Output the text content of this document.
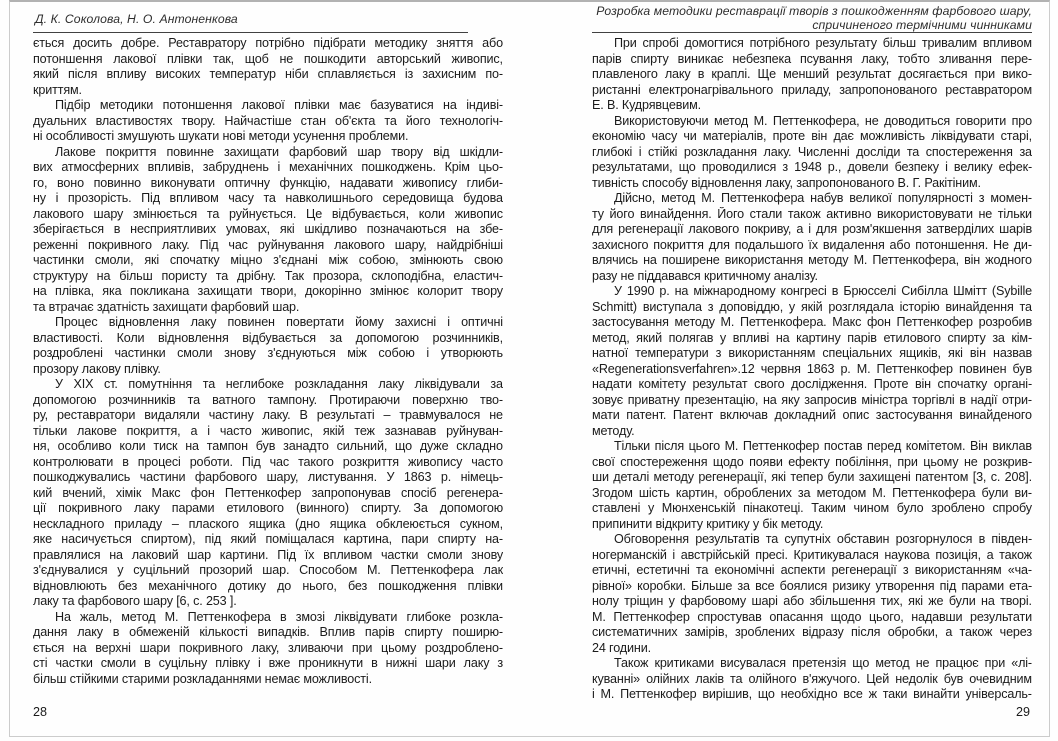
Д. К. Соколова, Н. О. Антоненкова
ється досить добре. Реставратору потрібно підібрати методику зняття або
потоншення лакової плівки так, щоб не пошкодити авторський живопис,
який після впливу високих температур ніби сплавляється із захисним по-
криттям.
Підбір методики потоншення лакової плівки має базуватися на індиві-
дуальних властивостях твору. Найчастіше стан об'єкта та його технологіч-
ні особливості змушують шукати нові методи усунення проблеми.
Лакове покриття повинне захищати фарбовий шар твору від шкідли-
вих атмосферних впливів, забруднень і механічних пошкоджень. Крім цьо-
го, воно повинно виконувати оптичну функцію, надавати живопису глиби-
ну і прозорість. Під впливом часу та навколишнього середовища будова
лакового шару змінюється та руйнується. Це відбувається, коли живопис
зберігається в несприятливих умовах, які шкідливо позначаються на збе-
реженні покривного лаку. Під час руйнування лакового шару, найдрібніші
частинки смоли, які спочатку міцно з'єднані між собою, змінюють свою
структуру на більш пористу та дрібну. Так прозора, склоподібна, еластич-
на плівка, яка покликана захищати твори, докорінно змінює колорит твору
та втрачає здатність захищати фарбовий шар.
Процес відновлення лаку повинен повертати йому захисні і оптичні
властивості. Коли відновлення відбувається за допомогою розчинників,
роздроблені частинки смоли знову з'єднуються між собою і утворюють
прозору лакову плівку.
У XIX ст. помутніння та неглибоке розкладання лаку ліквідували за
допомогою розчинників та ватного тампону. Протираючи поверхню тво-
ру, реставратори видаляли частину лаку. В результаті – травмувалося не
тільки лакове покриття, а і часто живопис, якій теж зазнавав руйнуван-
ня, особливо коли тиск на тампон був занадто сильний, що дуже складно
контролювати в процесі роботи. Під час такого розкриття живопису часто
пошкоджувались частини фарбового шару, листування. У 1863 р. німець-
кий вчений, хімік Макс фон Петтенкофер запропонував спосіб регенера-
ції покривного лаку парами етилового (винного) спирту. За допомогою
нескладного приладу – плаского ящика (дно ящика обклеюється сукном,
яке насичується спиртом), під який поміщалася картина, пари спирту на-
правлялися на лаковий шар картини. Під їх впливом частки смоли знову
з'єднувалися у суцільний прозорий шар. Способом М. Петтенкофера лак
відновлюють без механічного дотику до нього, без пошкодження плівки
лаку та фарбового шару [6, с. 253 ].
На жаль, метод М. Петтенкофера в змозі ліквідувати глибоке розкла-
дання лаку в обмеженій кількості випадків. Вплив парів спирту поширю-
ється на верхні шари покривного лаку, зливаючи при цьому роздроблено-
сті частки смоли в суцільну плівку і вже проникнути в нижні шари лаку з
більш стійкими старими розкладаннями немає можливості.
28
Розробка методики реставрації творів з пошкодженням фарбового шару,
спричиненого термічними чинниками
При спробі домогтися потрібного результату більш тривалим впливом
парів спирту виникає небезпека псування лаку, тобто зливання пере-
плавленого лаку в краплі. Ще менший результат досягається при вико-
ристанні електронагрівального приладу, запропонованого реставратором
Е. В. Кудрявцевим.
Використовуючи метод М. Петтенкофера, не доводиться говорити про
економію часу чи матеріалів, проте він дає можливість ліквідувати старі,
глибокі і стійкі розкладання лаку. Численні досліди та спостереження за
результатами, що проводилися з 1948 р., довели безпеку і велику ефек-
тивність способу відновлення лаку, запропонованого В. Г. Ракітіним.
Дійсно, метод М. Петтенкофера набув великої популярності з момен-
ту його винайдення. Його стали також активно використовувати не тільки
для регенерації лакового покриву, а і для розм'якшення затверділих шарів
захисного покриття для подальшого їх видалення або потоншення. Не ди-
влячись на поширене використання методу М. Петтенкофера, він жодного
разу не піддавався критичному аналізу.
У 1990 р. на міжнародному конгресі в Брюсселі Сибілла Шмітт (Sybille
Schmitt) виступала з доповіддю, у якій розглядала історію винайдення та
застосування методу М. Петтенкофера. Макс фон Петтенкофер розробив
метод, який полягав у впливі на картину парів етилового спирту за кім-
натної температури з використанням спеціальних ящиків, які він назвав
«Regenerationsverfahren».12 червня 1863 р. М. Петтенкофер повинен був
надати комітету результат свого дослідження. Проте він спочатку органі-
зовує приватну презентацію, на яку запросив міністра торгівлі в надії отри-
мати патент. Патент включав докладний опис застосування винайденого
методу.
Тільки після цього М. Петтенкофер постав перед комітетом. Він виклав
свої спостереження щодо появи ефекту побіління, при цьому не розкрив-
ши деталі методу регенерації, які тепер були захищені патентом [3, с. 208].
Згодом шість картин, оброблених за методом М. Петтенкофера були ви-
ставлені у Мюнхенській пінакотеці. Таким чином було зроблено спробу
припинити відкриту критику у бік методу.
Обговорення результатів та супутніх обставин розгорнулося в півден-
ногерманскій і австрійській пресі. Критикувалася наукова позиція, а також
етичні, естетичні та економічні аспекти регенерації з використанням «ча-
рівної» коробки. Більше за все боялися ризику утворення під парами ета-
нолу тріщин у фарбовому шарі або збільшення тих, які же були на творі.
М. Петтенкофер спростував опасання щодо цього, надавши результати
систематичних замірів, зроблених відразу після обробки, а також через
24 години.
Також критиками висувалася претензія що метод не працює при «лі-
куванні» олійних лаків та олійного в'яжучого. Цей недолік був очевидним
і М. Петтенкофер вирішив, що необхідно все ж таки винайти універсаль-
29
